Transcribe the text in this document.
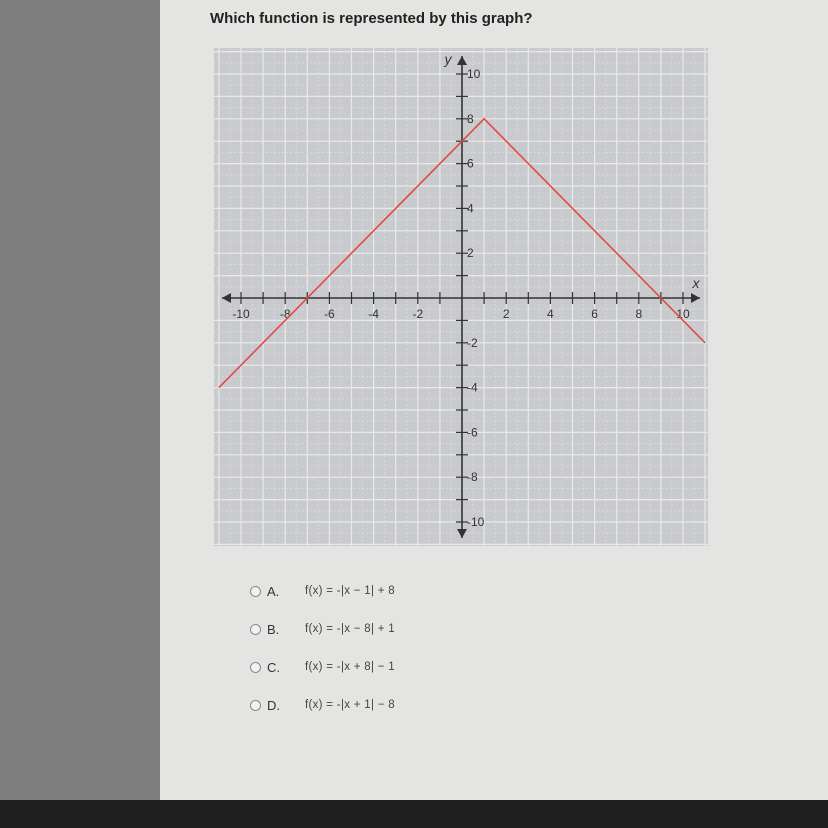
Which function is represented by this graph?
-10	-8	-6	-4	-2	2	4	6	8	10
10
8
6
4
2
-2
-4
-6
-8
-10
x
y
A.	f(x) = -|x − 1| + 8
B.	f(x) = -|x − 8| + 1
C.	f(x) = -|x + 8| − 1
D.	f(x) = -|x + 1| − 8
